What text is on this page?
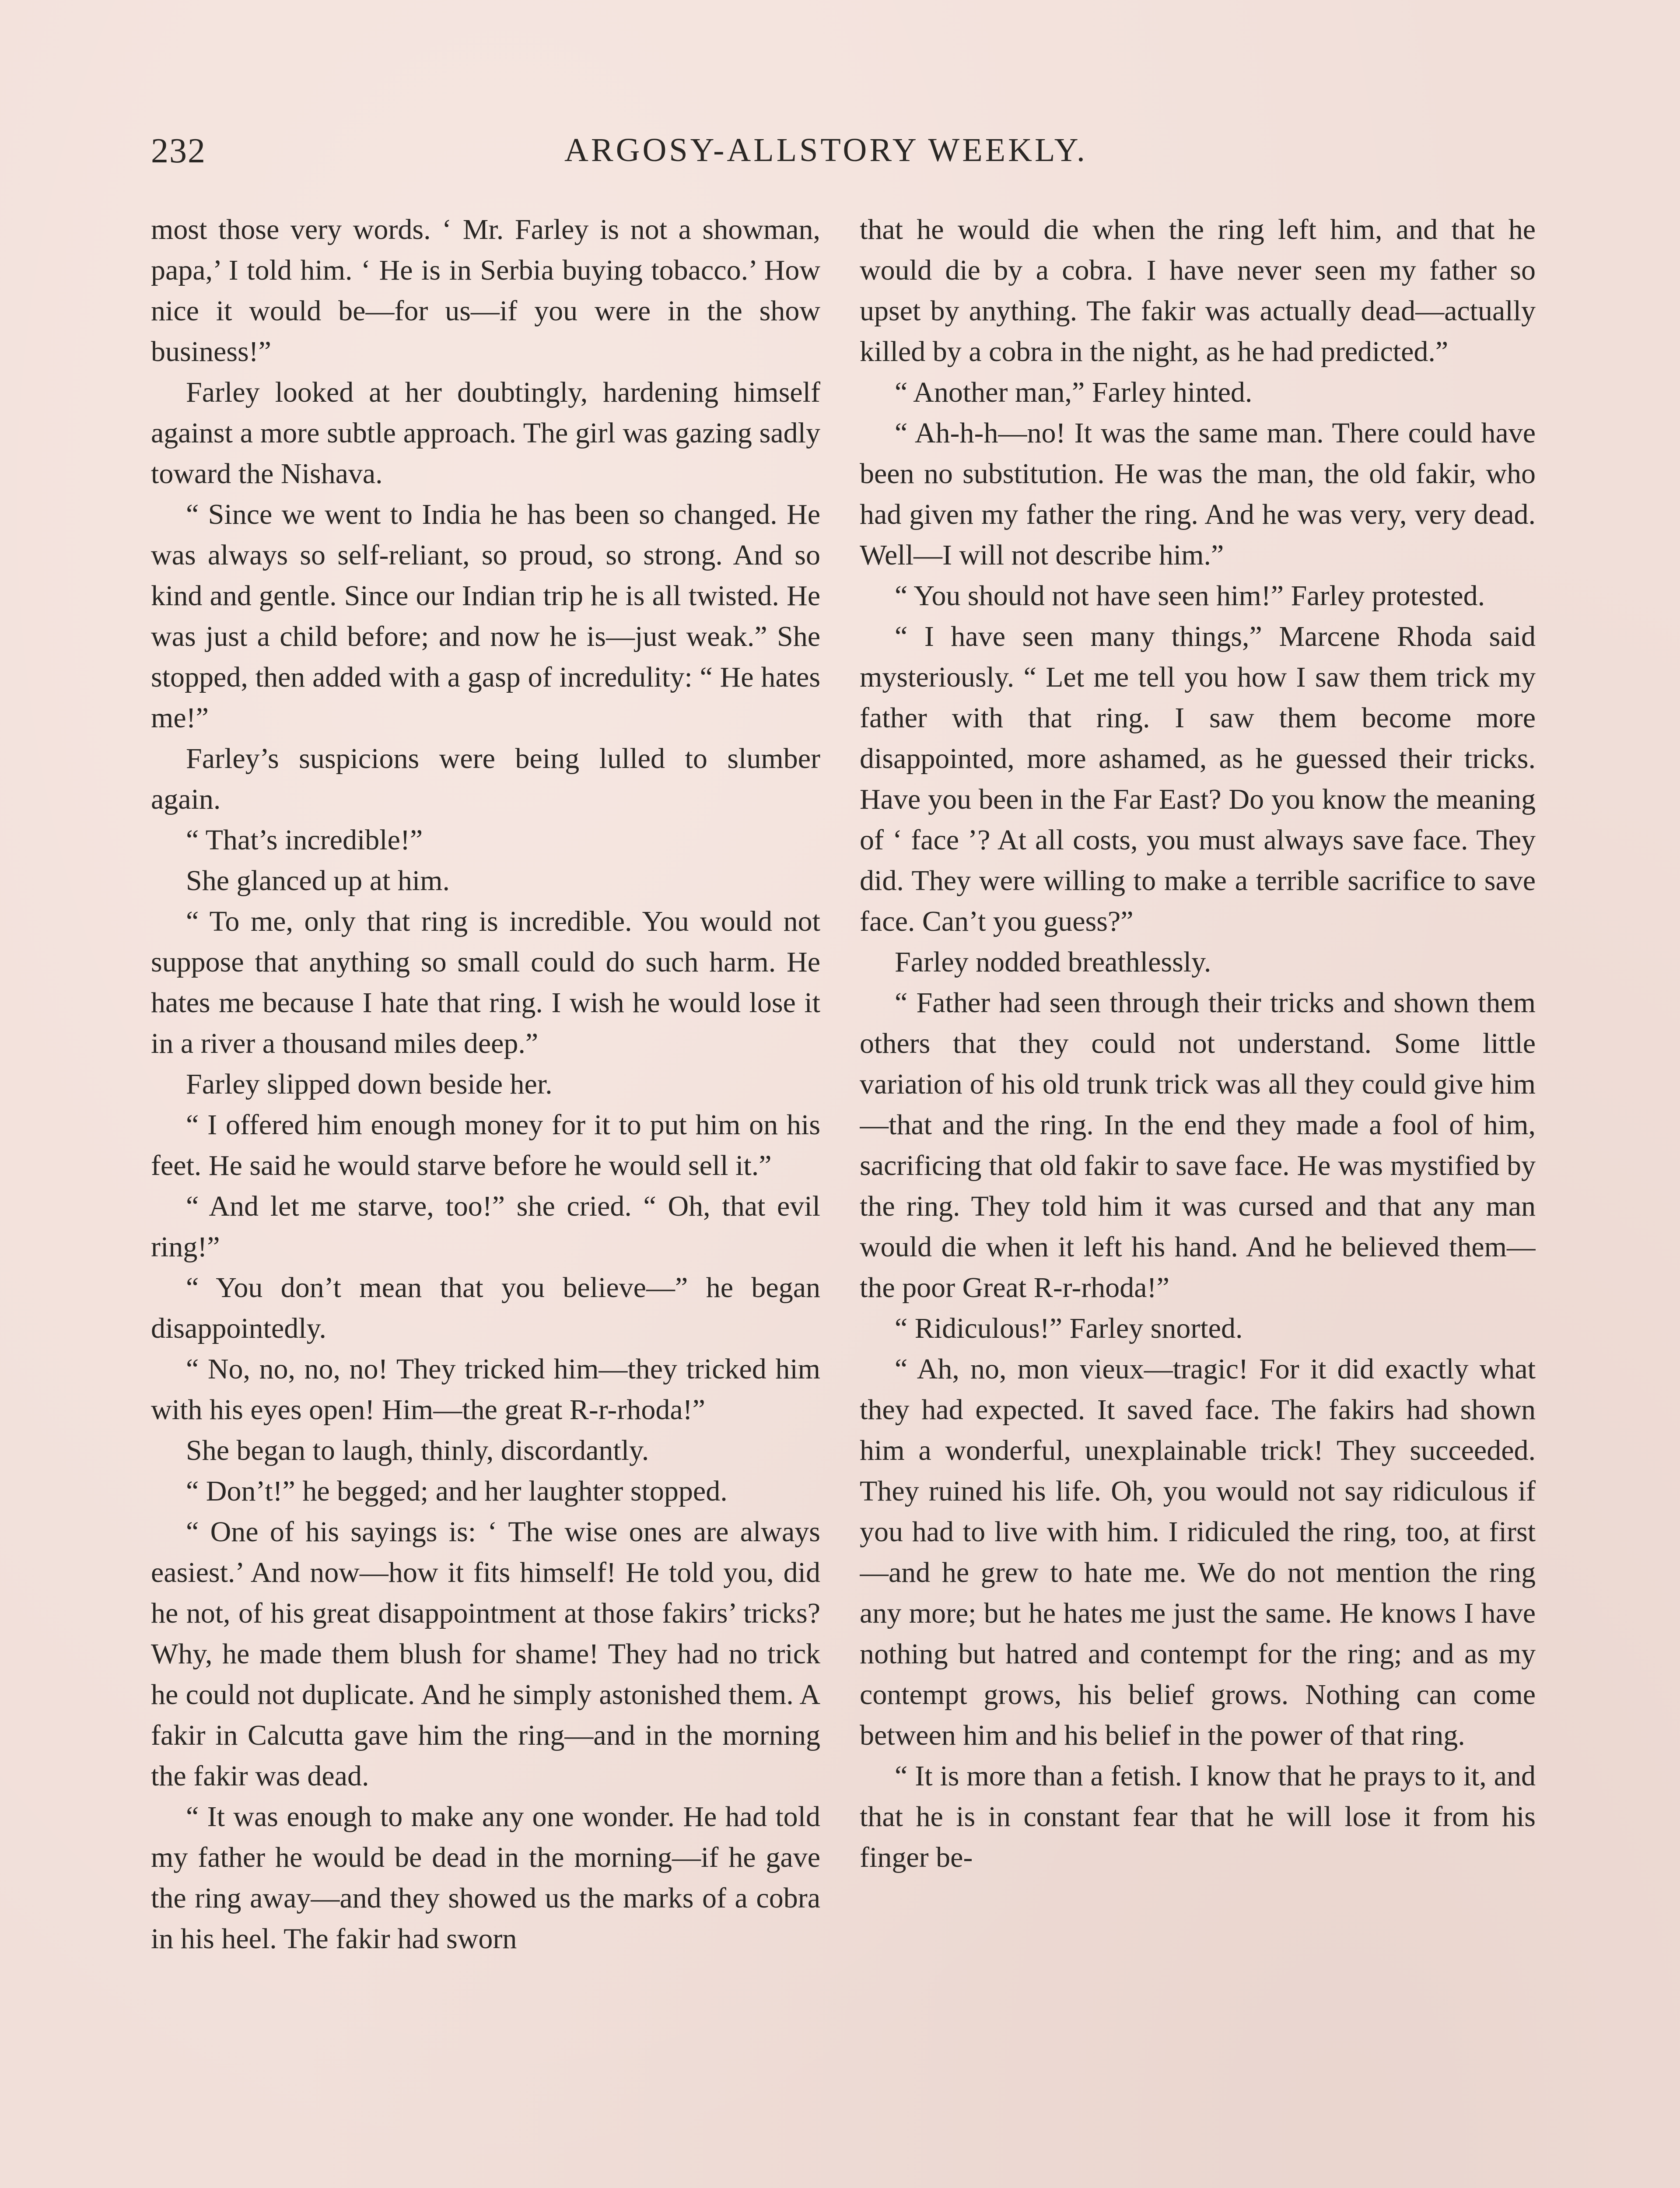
232	ARGOSY-ALLSTORY WEEKLY.

most those very words. ‘ Mr. Farley is not a showman, papa,’ I told him. ‘ He is in Serbia buying tobacco.’ How nice it would be—for us—if you were in the show business!”

Farley looked at her doubtingly, hardening himself against a more subtle approach. The girl was gazing sadly toward the Nishava.

“ Since we went to India he has been so changed. He was always so self-reliant, so proud, so strong. And so kind and gentle. Since our Indian trip he is all twisted. He was just a child before; and now he is—just weak.” She stopped, then added with a gasp of incredulity: “ He hates me!”

Farley’s suspicions were being lulled to slumber again.

“ That’s incredible!”

She glanced up at him.

“ To me, only that ring is incredible. You would not suppose that anything so small could do such harm. He hates me because I hate that ring. I wish he would lose it in a river a thousand miles deep.”

Farley slipped down beside her.

“ I offered him enough money for it to put him on his feet. He said he would starve before he would sell it.”

“ And let me starve, too!” she cried. “ Oh, that evil ring!”

“ You don’t mean that you believe—” he began disappointedly.

“ No, no, no, no! They tricked him—they tricked him with his eyes open! Him—the great R-r-rhoda!”

She began to laugh, thinly, discordantly.

“ Don’t!” he begged; and her laughter stopped.

“ One of his sayings is: ‘ The wise ones are always easiest.’ And now—how it fits himself! He told you, did he not, of his great disappointment at those fakirs’ tricks? Why, he made them blush for shame! They had no trick he could not duplicate. And he simply astonished them. A fakir in Calcutta gave him the ring—and in the morning the fakir was dead.

“ It was enough to make any one wonder. He had told my father he would be dead in the morning—if he gave the ring away—and they showed us the marks of a cobra in his heel. The fakir had sworn

that he would die when the ring left him, and that he would die by a cobra. I have never seen my father so upset by anything. The fakir was actually dead—actually killed by a cobra in the night, as he had predicted.”

“ Another man,” Farley hinted.

“ Ah-h-h—no! It was the same man. There could have been no substitution. He was the man, the old fakir, who had given my father the ring. And he was very, very dead. Well—I will not describe him.”

“ You should not have seen him!” Farley protested.

“ I have seen many things,” Marcene Rhoda said mysteriously. “ Let me tell you how I saw them trick my father with that ring. I saw them become more disappointed, more ashamed, as he guessed their tricks. Have you been in the Far East? Do you know the meaning of ‘ face ’? At all costs, you must always save face. They did. They were willing to make a terrible sacrifice to save face. Can’t you guess?”

Farley nodded breathlessly.

“ Father had seen through their tricks and shown them others that they could not understand. Some little variation of his old trunk trick was all they could give him—that and the ring. In the end they made a fool of him, sacrificing that old fakir to save face. He was mystified by the ring. They told him it was cursed and that any man would die when it left his hand. And he believed them—the poor Great R-r-rhoda!”

“ Ridiculous!” Farley snorted.

“ Ah, no, mon vieux—tragic! For it did exactly what they had expected. It saved face. The fakirs had shown him a wonderful, unexplainable trick! They succeeded. They ruined his life. Oh, you would not say ridiculous if you had to live with him. I ridiculed the ring, too, at first—and he grew to hate me. We do not mention the ring any more; but he hates me just the same. He knows I have nothing but hatred and contempt for the ring; and as my contempt grows, his belief grows. Nothing can come between him and his belief in the power of that ring.

“ It is more than a fetish. I know that he prays to it, and that he is in constant fear that he will lose it from his finger be-
